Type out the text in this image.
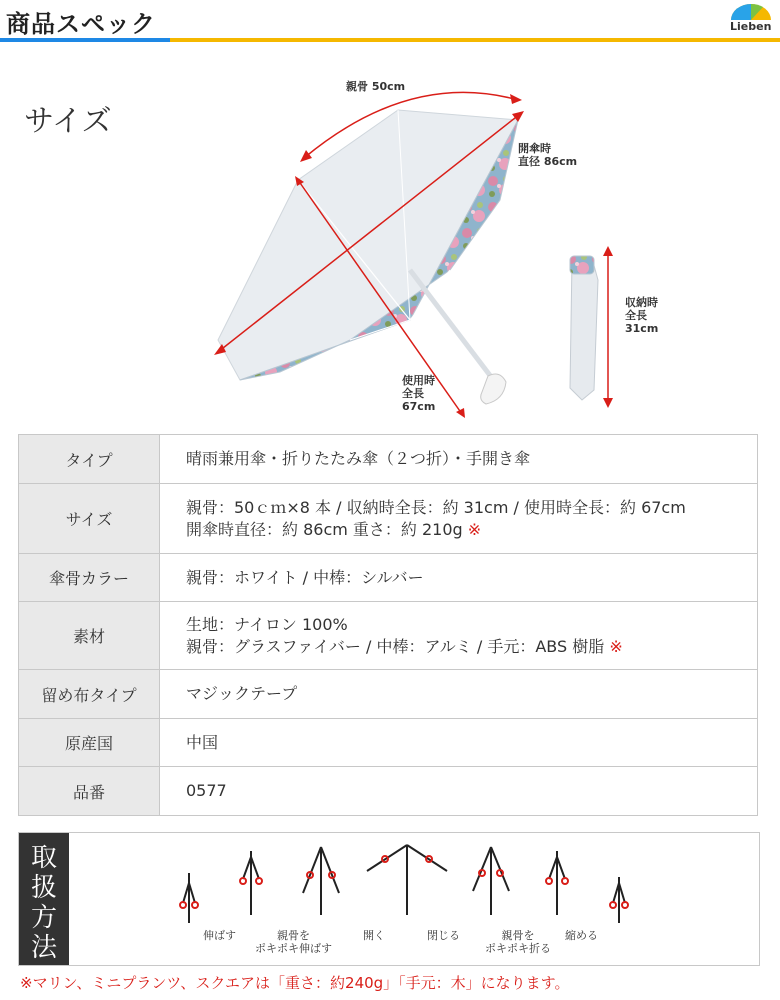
商品スペック	Lieben
サイズ
親骨 50cm
開傘時
直径 86cm
収納時
全長
31cm
使用時
全長
67cm
タイプ	晴雨兼用傘・折りたたみ傘（２つ折）・手開き傘
サイズ	親骨：50ｃｍ×8 本 / 収納時全長：約 31cm / 使用時全長：約 67cm
開傘時直径：約 86cm 重さ：約 210g ※

傘骨カラー	親骨：ホワイト / 中棒：シルバー
素材	生地：ナイロン 100%
親骨：グラスファイバー / 中棒：アルミ / 手元：ABS 樹脂 ※

留め布タイプ	マジックテープ
原産国	中国
品番	0577
取
扱
方
法	伸ばす	親骨を
ポキポキ伸ばす
開く	閉じる	親骨を
ポキポキ折る
縮める
※マリン、ミニプランツ、スクエアは「重さ：約240g」「手元：木」になります。
